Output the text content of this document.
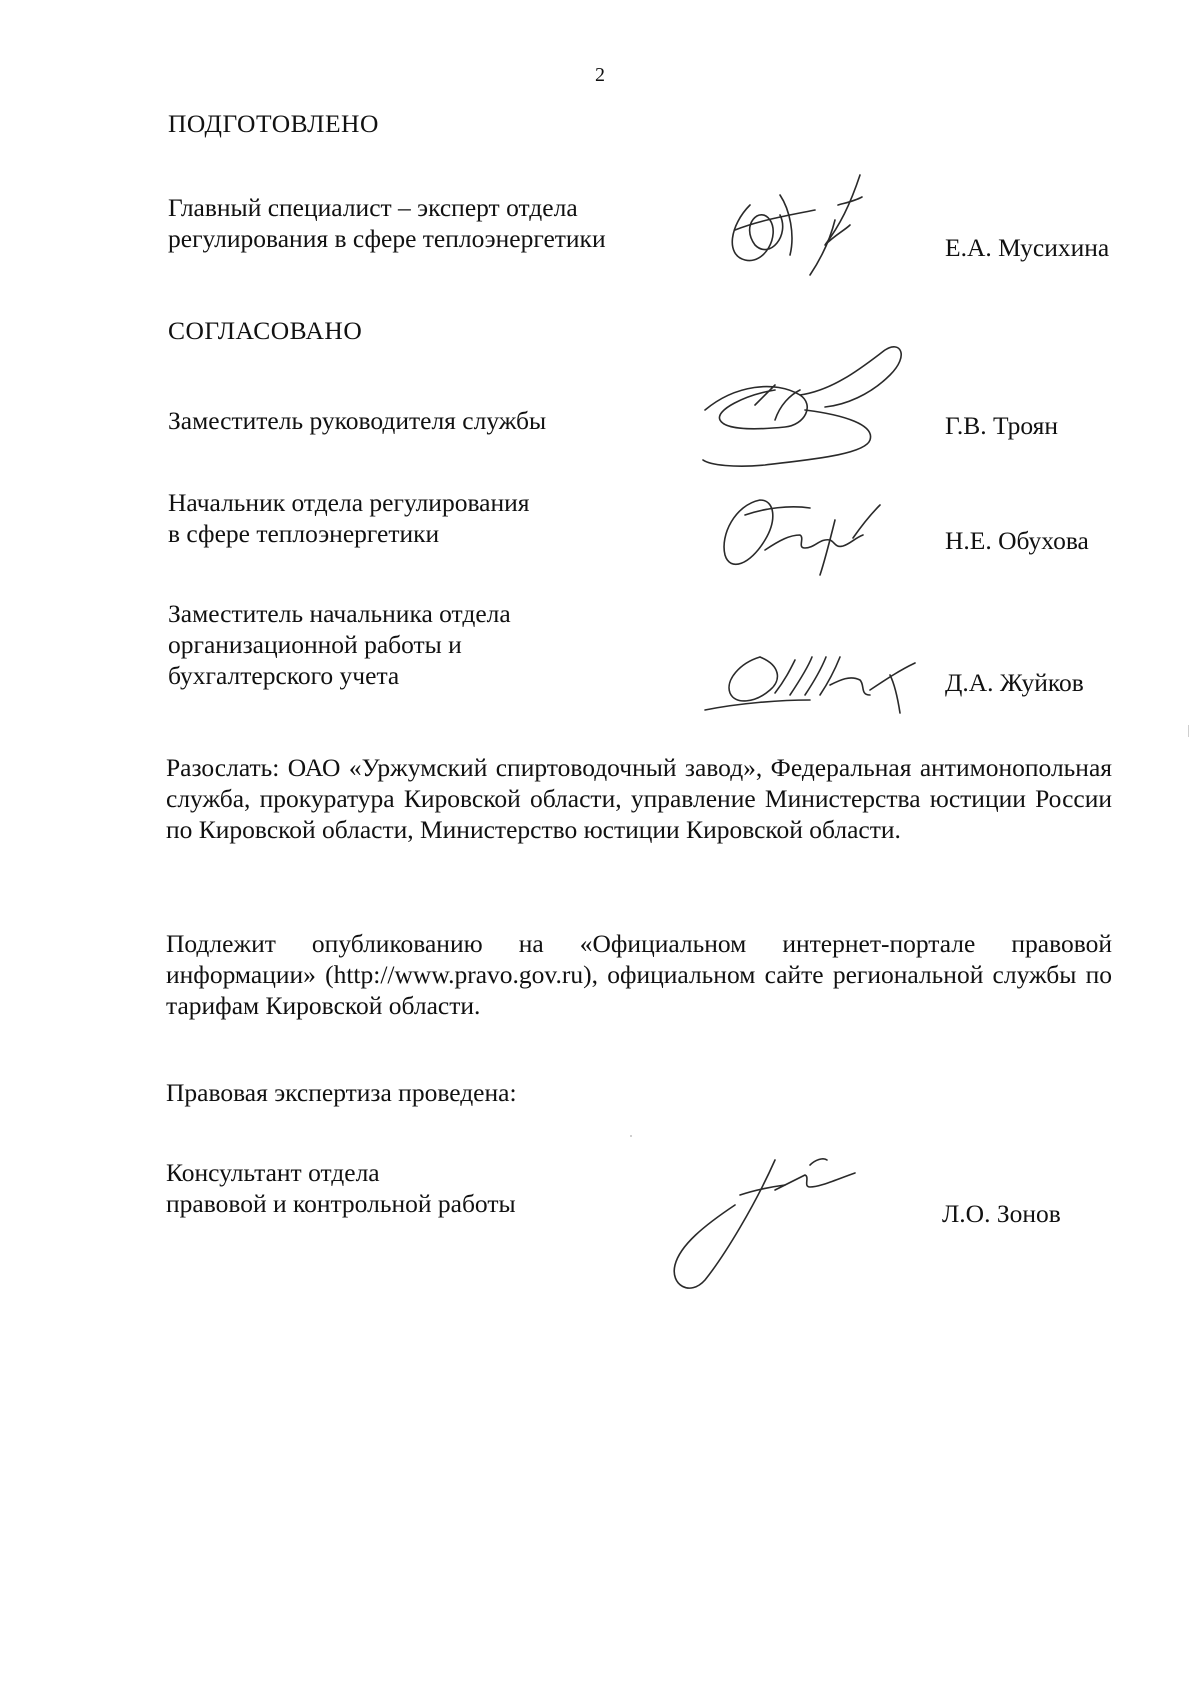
2
ПОДГОТОВЛЕНО
Главный специалист – эксперт отдела
регулирования в сфере теплоэнергетики	Е.А. Мусихина
СОГЛАСОВАНО
Заместитель руководителя службы	Г.В. Троян
Начальник отдела регулирования
в сфере теплоэнергетики	Н.Е. Обухова
Заместитель начальника отдела
организационной работы и
бухгалтерского учета	Д.А. Жуйков

Разослать: ОАО «Уржумский спиртоводочный завод», Федеральная антимонопольная служба, прокуратура Кировской области, управление Министерства юстиции России по Кировской области, Министерство юстиции Кировской области.

Подлежит опубликованию на «Официальном интернет-портале правовой информации» (http://www.pravo.gov.ru), официальном сайте региональной службы по тарифам Кировской области.

Правовая экспертиза проведена:
Консультант отдела
правовой и контрольной работы	Л.О. Зонов
